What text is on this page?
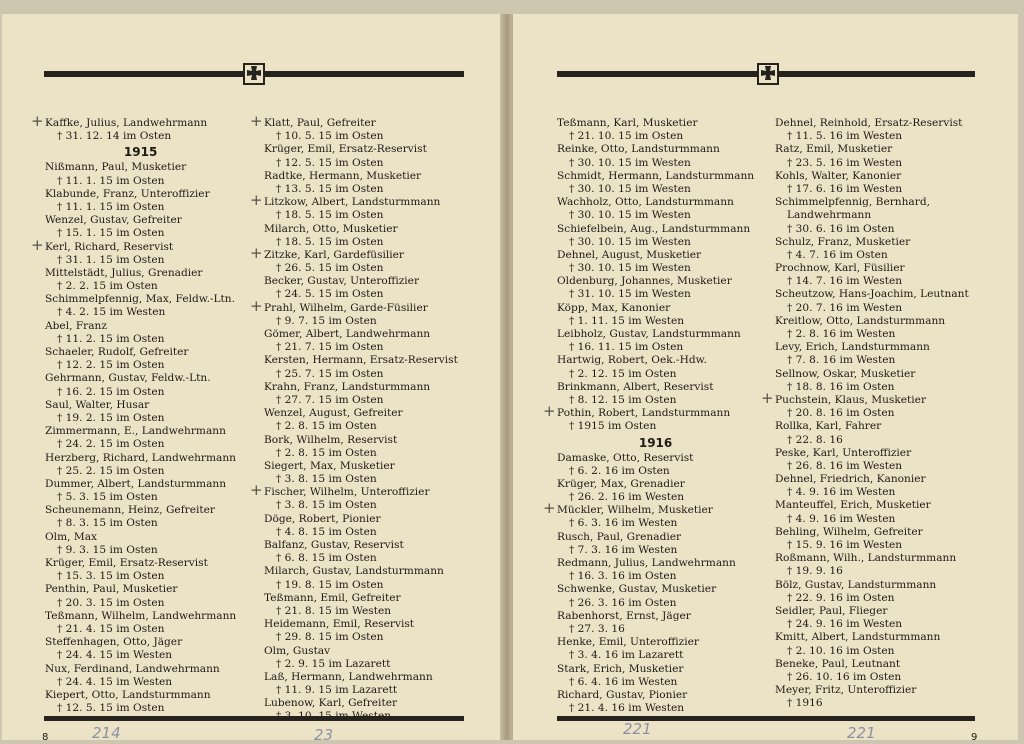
Kaffke, Julius, Landwehrmann
+
† 31. 12. 14 im Osten
1915
Nißmann, Paul, Musketier
† 11. 1. 15 im Osten
Klabunde, Franz, Unteroffizier
† 11. 1. 15 im Osten
Wenzel, Gustav, Gefreiter
† 15. 1. 15 im Osten
Kerl, Richard, Reservist
+
† 31. 1. 15 im Osten
Mittelstädt, Julius, Grenadier
† 2. 2. 15 im Osten
Schimmelpfennig, Max, Feldw.-Ltn.
† 4. 2. 15 im Westen
Abel, Franz
† 11. 2. 15 im Osten
Schaeler, Rudolf, Gefreiter
† 12. 2. 15 im Osten
Gehrmann, Gustav, Feldw.-Ltn.
† 16. 2. 15 im Osten
Saul, Walter, Husar
† 19. 2. 15 im Osten
Zimmermann, E., Landwehrmann
† 24. 2. 15 im Osten
Herzberg, Richard, Landwehrmann
† 25. 2. 15 im Osten
Dummer, Albert, Landsturmmann
† 5. 3. 15 im Osten
Scheunemann, Heinz, Gefreiter
† 8. 3. 15 im Osten
Olm, Max
† 9. 3. 15 im Osten
Krüger, Emil, Ersatz-Reservist
† 15. 3. 15 im Osten
Penthin, Paul, Musketier
† 20. 3. 15 im Osten
Teßmann, Wilhelm, Landwehrmann
† 21. 4. 15 im Osten
Steffenhagen, Otto, Jäger
† 24. 4. 15 im Westen
Nux, Ferdinand, Landwehrmann
† 24. 4. 15 im Westen
Kiepert, Otto, Landsturmmann
† 12. 5. 15 im Osten
Klatt, Paul, Gefreiter
+
† 10. 5. 15 im Osten
Krüger, Emil, Ersatz-Reservist
† 12. 5. 15 im Osten
Radtke, Hermann, Musketier
† 13. 5. 15 im Osten
Litzkow, Albert, Landsturmmann
+
† 18. 5. 15 im Osten
Milarch, Otto, Musketier
† 18. 5. 15 im Osten
Zitzke, Karl, Gardefüsilier
+
† 26. 5. 15 im Osten
Becker, Gustav, Unteroffizier
† 24. 5. 15 im Osten
Prahl, Wilhelm, Garde-Füsilier
+
† 9. 7. 15 im Osten
Gömer, Albert, Landwehrmann
† 21. 7. 15 im Osten
Kersten, Hermann, Ersatz-Reservist
† 25. 7. 15 im Osten
Krahn, Franz, Landsturmmann
† 27. 7. 15 im Osten
Wenzel, August, Gefreiter
† 2. 8. 15 im Osten
Bork, Wilhelm, Reservist
† 2. 8. 15 im Osten
Siegert, Max, Musketier
† 3. 8. 15 im Osten
Fischer, Wilhelm, Unteroffizier
+
† 3. 8. 15 im Osten
Döge, Robert, Pionier
† 4. 8. 15 im Osten
Balfanz, Gustav, Reservist
† 6. 8. 15 im Osten
Milarch, Gustav, Landsturmmann
† 19. 8. 15 im Osten
Teßmann, Emil, Gefreiter
† 21. 8. 15 im Westen
Heidemann, Emil, Reservist
† 29. 8. 15 im Osten
Olm, Gustav
† 2. 9. 15 im Lazarett
Laß, Hermann, Landwehrmann
† 11. 9. 15 im Lazarett
Lubenow, Karl, Gefreiter
8	214	23
Teßmann, Karl, Musketier
† 21. 10. 15 im Osten
Reinke, Otto, Landsturmmann
† 30. 10. 15 im Westen
Schmidt, Hermann, Landsturmmann
† 30. 10. 15 im Westen
Wachholz, Otto, Landsturmmann
† 30. 10. 15 im Westen
Schiefelbein, Aug., Landsturmmann
† 30. 10. 15 im Westen
Dehnel, August, Musketier
† 30. 10. 15 im Westen
Oldenburg, Johannes, Musketier
† 31. 10. 15 im Westen
Köpp, Max, Kanonier
† 1. 11. 15 im Westen
Leibholz, Gustav, Landsturmmann
† 16. 11. 15 im Osten
Hartwig, Robert, Oek.-Hdw.
† 2. 12. 15 im Osten
Brinkmann, Albert, Reservist
† 8. 12. 15 im Osten
Pothin, Robert, Landsturmmann
+
† 1915 im Osten
1916
Damaske, Otto, Reservist
† 6. 2. 16 im Osten
Krüger, Max, Grenadier
† 26. 2. 16 im Westen
Mückler, Wilhelm, Musketier
+
† 6. 3. 16 im Westen
Rusch, Paul, Grenadier
† 7. 3. 16 im Westen
Redmann, Julius, Landwehrmann
† 16. 3. 16 im Osten
Schwenke, Gustav, Musketier
† 26. 3. 16 im Osten
Rabenhorst, Ernst, Jäger
† 27. 3. 16
Henke, Emil, Unteroffizier
† 3. 4. 16 im Lazarett
Stark, Erich, Musketier
† 6. 4. 16 im Westen
Richard, Gustav, Pionier
† 21. 4. 16 im Westen
Dehnel, Reinhold, Ersatz-Reservist
† 11. 5. 16 im Westen
Ratz, Emil, Musketier
† 23. 5. 16 im Westen
Kohls, Walter, Kanonier
† 17. 6. 16 im Westen
Schimmelpfennig, Bernhard,
Landwehrmann
† 30. 6. 16 im Osten
Schulz, Franz, Musketier
† 4. 7. 16 im Osten
Prochnow, Karl, Füsilier
† 14. 7. 16 im Westen
Scheutzow, Hans-Joachim, Leutnant
† 20. 7. 16 im Westen
Kreitlow, Otto, Landsturmmann
† 2. 8. 16 im Westen
Levy, Erich, Landsturmmann
† 7. 8. 16 im Westen
Sellnow, Oskar, Musketier
† 18. 8. 16 im Osten
Puchstein, Klaus, Musketier
+
† 20. 8. 16 im Osten
Rollka, Karl, Fahrer
† 22. 8. 16
Peske, Karl, Unteroffizier
† 26. 8. 16 im Westen
Dehnel, Friedrich, Kanonier
† 4. 9. 16 im Westen
Manteuffel, Erich, Musketier
† 4. 9. 16 im Westen
Behling, Wilhelm, Gefreiter
† 15. 9. 16 im Westen
Roßmann, Wilh., Landsturmmann
† 19. 9. 16
Bölz, Gustav, Landsturmmann
† 22. 9. 16 im Osten
Seidler, Paul, Flieger
† 24. 9. 16 im Westen
Kmitt, Albert, Landsturmmann
† 2. 10. 16 im Osten
Beneke, Paul, Leutnant
† 26. 10. 16 im Osten
Meyer, Fritz, Unteroffizier
† 1916
9
221	221
